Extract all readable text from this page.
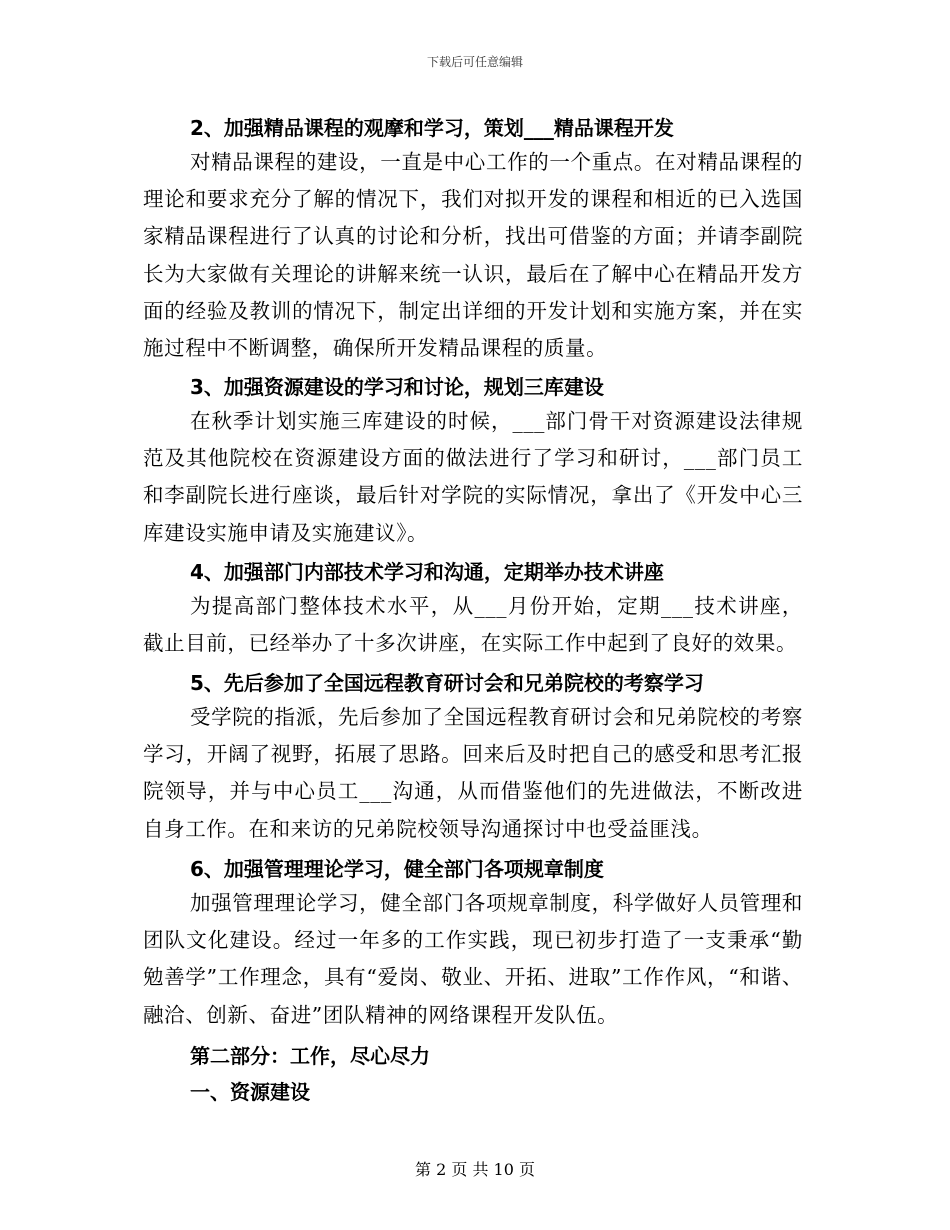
下载后可任意编辑
2、加强精品课程的观摩和学习，策划___精品课程开发
对精品课程的建设，一直是中心工作的一个重点。在对精品课程的理论和要求充分了解的情况下，我们对拟开发的课程和相近的已入选国家精品课程进行了认真的讨论和分析，找出可借鉴的方面；并请李副院长为大家做有关理论的讲解来统一认识，最后在了解中心在精品开发方面的经验及教训的情况下，制定出详细的开发计划和实施方案，并在实施过程中不断调整，确保所开发精品课程的质量。
3、加强资源建设的学习和讨论，规划三库建设
在秋季计划实施三库建设的时候，___部门骨干对资源建设法律规范及其他院校在资源建设方面的做法进行了学习和研讨，___部门员工和李副院长进行座谈，最后针对学院的实际情况，拿出了《开发中心三库建设实施申请及实施建议》。
4、加强部门内部技术学习和沟通，定期举办技术讲座
为提高部门整体技术水平，从___月份开始，定期___技术讲座，截止目前，已经举办了十多次讲座，在实际工作中起到了良好的效果。
5、先后参加了全国远程教育研讨会和兄弟院校的考察学习
受学院的指派，先后参加了全国远程教育研讨会和兄弟院校的考察学习，开阔了视野，拓展了思路。回来后及时把自己的感受和思考汇报院领导，并与中心员工___沟通，从而借鉴他们的先进做法，不断改进自身工作。在和来访的兄弟院校领导沟通探讨中也受益匪浅。
6、加强管理理论学习，健全部门各项规章制度
加强管理理论学习，健全部门各项规章制度，科学做好人员管理和团队文化建设。经过一年多的工作实践，现已初步打造了一支秉承“勤勉善学”工作理念，具有“爱岗、敬业、开拓、进取”工作作风，“和谐、融洽、创新、奋进”团队精神的网络课程开发队伍。
第二部分：工作，尽心尽力
一、资源建设
第 2 页 共 10 页
